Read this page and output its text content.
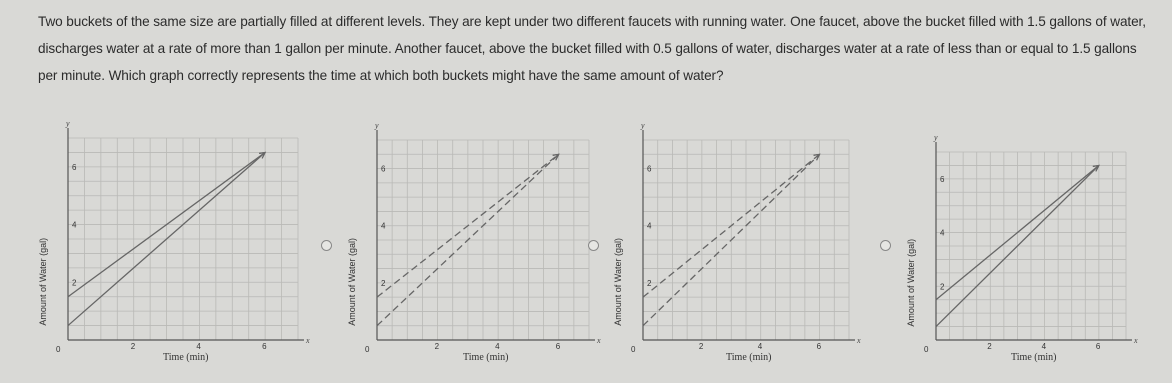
Two buckets of the same size are partially filled at different levels. They are kept under two different faucets with running water. One faucet, above the bucket filled with 1.5 gallons of water, discharges water at a rate of more than 1 gallon per minute. Another faucet, above the bucket filled with 0.5 gallons of water, discharges water at a rate of less than or equal to 1.5 gallons per minute. Which graph correctly represents the time at which both buckets might have the same amount of water?

y
x
0	2	4	6
2
4
6
Time (min)
Amount of Water (gal)
y
x
0	2	4	6
2
4
6
Time (min)
Amount of Water (gal)
y
x
0	2	4	6
2
4
6
Time (min)
Amount of Water (gal)
y
x
0	2	4	6
2
4
6
Time (min)
Amount of Water (gal)
